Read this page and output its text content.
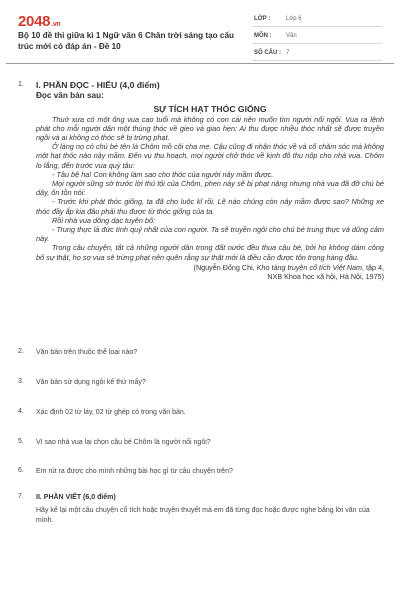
2048.vn
Bộ 10 đề thi giữa kì 1 Ngữ văn 6 Chân trời sáng tạo cấu trúc mới có đáp án - Đề 10
LỚP :	Lớp 6
MÔN : Văn
SỐ CÂU : 7
1. I. PHẦN ĐỌC - HIỂU (4,0 điểm)
Đọc văn bản sau:
SỰ TÍCH HẠT THÓC GIỐNG

Thuở xưa có một ông vua cao tuổi mà không có con cái nên muốn tìm người nối ngôi. Vua ra lệnh phát cho mỗi người dân một thúng thóc về gieo và giao hẹn: Ai thu được nhiều thóc nhất sẽ được truyền ngôi và ai không có thóc sẽ bị trừng phạt.

Ở làng nọ có chú bé tên là Chôm mồ côi cha mẹ. Cậu cũng đi nhận thóc về và cố chăm sóc mà không một hạt thóc nào nảy mầm. Đến vụ thu hoạch, mọi người chở thóc về kinh đô thu nộp cho nhà vua. Chôm lo lắng, đến trước vua quỳ tâu:

- Tâu bệ hạ! Con không làm sao cho thóc của người nảy mầm được.

Mọi người sững sờ trước lời thú tội của Chôm, phen này sẽ bị phạt nặng nhưng nhà vua đã đỡ chú bé dậy, ôn tồn nói:

- Trước khi phát thóc giống, ta đã cho luộc kĩ rồi. Lẽ nào chúng còn nảy mầm được sao? Những xe thóc đầy ắp kia đâu phải thu được từ thóc giống của ta.

Rồi nhà vua dõng dạc tuyên bố:

- Trung thực là đức tính quý nhất của con người. Ta sẽ truyền ngôi cho chú bé trung thực và dũng cảm này.

Trong câu chuyện, tất cả những người dân trong đất nước đều thua cậu bé, bởi họ không dám công bố sự thật, họ sợ vua sẽ trừng phạt nên quên rằng sự thật mới là điều cần được tôn trọng hàng đầu.

(Nguyễn Đổng Chi, Kho tàng truyện cổ tích Việt Nam, tập 4,
NXB Khoa học xã hội, Hà Nội, 1975)

2. Văn bản trên thuộc thể loại nào?
3. Văn bản sử dụng ngôi kể thứ mấy?
4. Xác định 02 từ láy, 02 từ ghép có trong văn bản.
5. Vì sao nhà vua lại chọn cậu bé Chôm là người nối ngôi?
6. Em rút ra được cho mình những bài học gì từ câu chuyện trên?
7. II. PHẦN VIẾT (6,0 điểm)
Hãy kể lại một câu chuyện cổ tích hoặc truyền thuyết mà em đã từng đọc hoặc được nghe bằng lời văn của mình.
